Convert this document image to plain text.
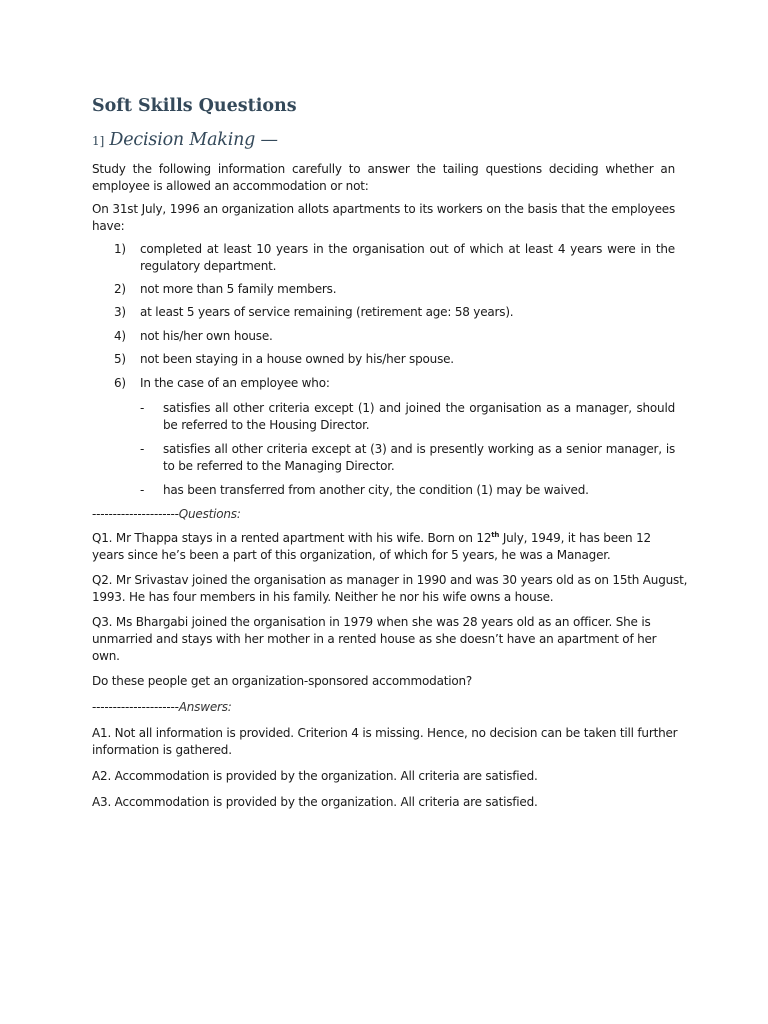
Soft Skills Questions
1] Decision Making —
Study the following information carefully to answer the tailing questions deciding whether an employee is allowed an accommodation or not:
On 31st July, 1996 an organization allots apartments to its workers on the basis that the employees have:
1) completed at least 10 years in the organisation out of which at least 4 years were in the regulatory department.
2) not more than 5 family members.
3) at least 5 years of service remaining (retirement age: 58 years).
4) not his/her own house.
5) not been staying in a house owned by his/her spouse.
6) In the case of an employee who:
- satisfies all other criteria except (1) and joined the organisation as a manager, should be referred to the Housing Director.
- satisfies all other criteria except at (3) and is presently working as a senior manager, is to be referred to the Managing Director.
- has been transferred from another city, the condition (1) may be waived.
---------------------Questions:
Q1. Mr Thappa stays in a rented apartment with his wife. Born on 12th July, 1949, it has been 12
years since he’s been a part of this organization, of which for 5 years, he was a Manager.
Q2. Mr Srivastav joined the organisation as manager in 1990 and was 30 years old as on 15th August,
1993. He has four members in his family. Neither he nor his wife owns a house.
Q3. Ms Bhargabi joined the organisation in 1979 when she was 28 years old as an officer. She is
unmarried and stays with her mother in a rented house as she doesn’t have an apartment of her
own.
Do these people get an organization-sponsored accommodation?
---------------------Answers:
A1. Not all information is provided. Criterion 4 is missing. Hence, no decision can be taken till further
information is gathered.
A2. Accommodation is provided by the organization. All criteria are satisfied.
A3. Accommodation is provided by the organization. All criteria are satisfied.
